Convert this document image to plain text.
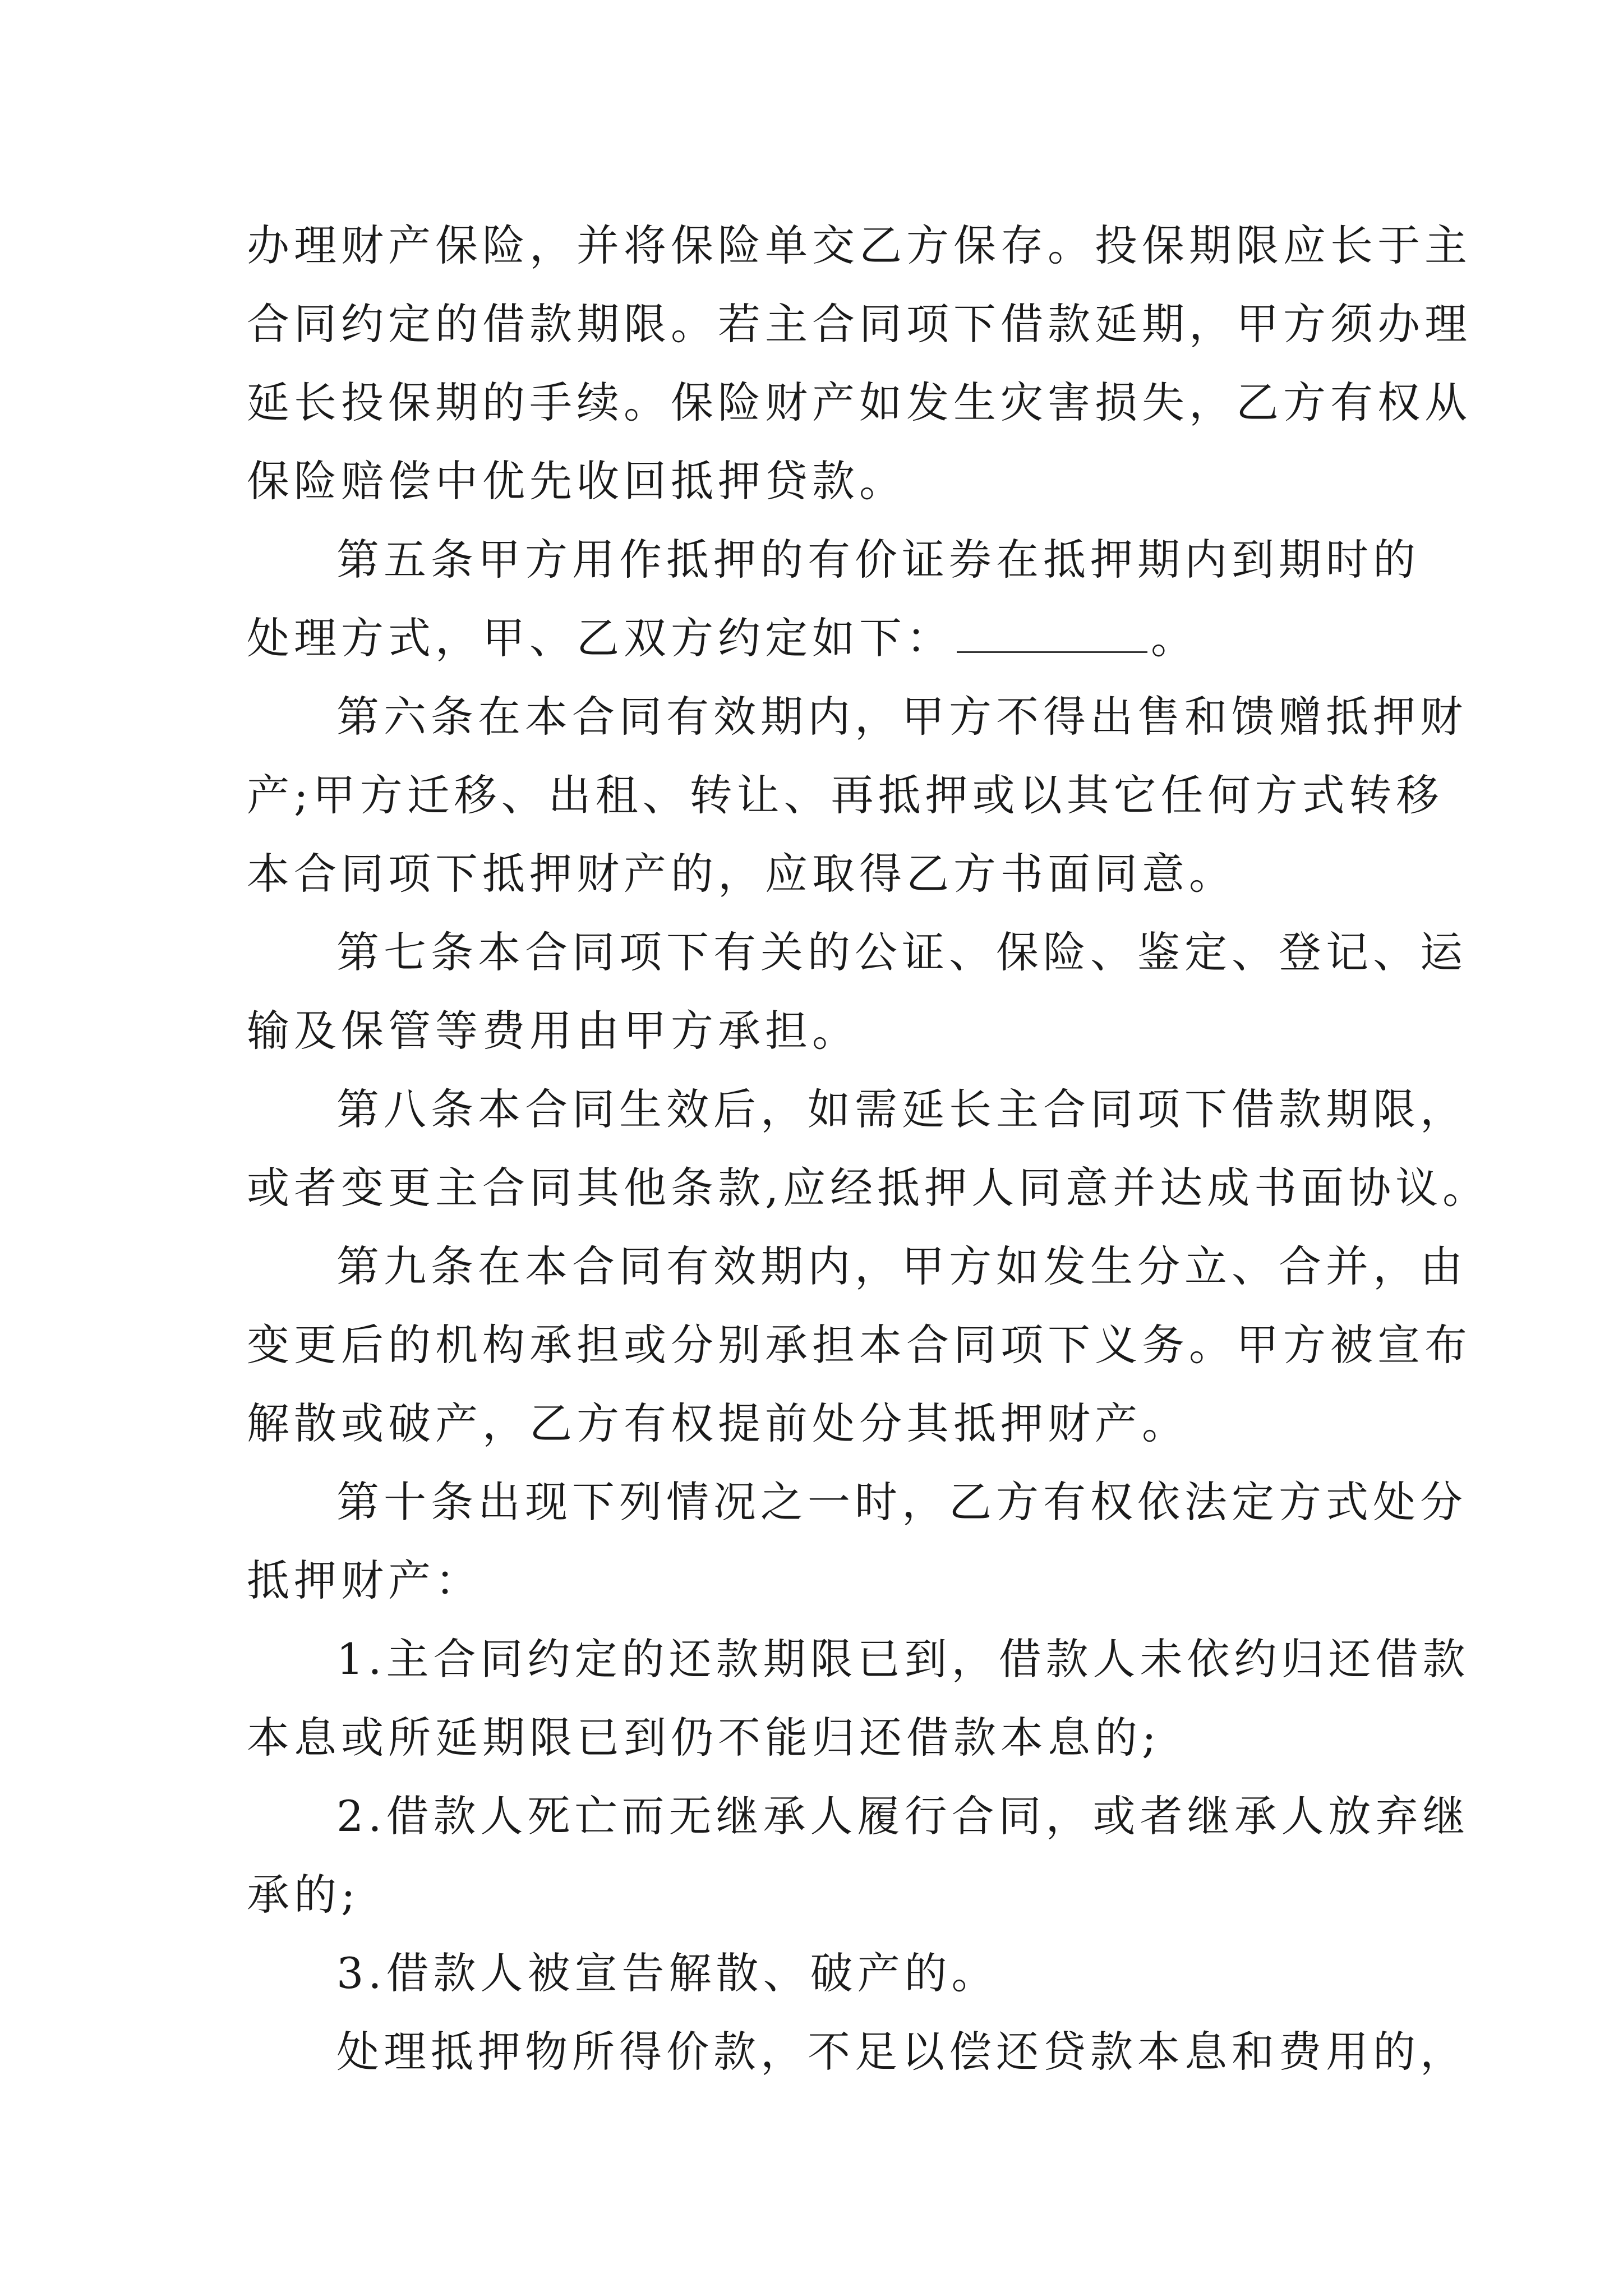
办理财产保险，并将保险单交乙方保存。投保期限应长于主
合同约定的借款期限。若主合同项下借款延期，甲方须办理
延长投保期的手续。保险财产如发生灾害损失，乙方有权从
保险赔偿中优先收回抵押贷款。
第五条甲方用作抵押的有价证券在抵押期内到期时的
处理方式，甲、乙双方约定如下：	。
第六条在本合同有效期内，甲方不得出售和馈赠抵押财
产;甲方迁移、出租、转让、再抵押或以其它任何方式转移
本合同项下抵押财产的，应取得乙方书面同意。
第七条本合同项下有关的公证、保险、鉴定、登记、运
输及保管等费用由甲方承担。
第八条本合同生效后，如需延长主合同项下借款期限，
或者变更主合同其他条款,应经抵押人同意并达成书面协议。
第九条在本合同有效期内，甲方如发生分立、合并，由
变更后的机构承担或分别承担本合同项下义务。甲方被宣布
解散或破产，乙方有权提前处分其抵押财产。
第十条出现下列情况之一时，乙方有权依法定方式处分
抵押财产：
1.主合同约定的还款期限已到，借款人未依约归还借款
本息或所延期限已到仍不能归还借款本息的;
2.借款人死亡而无继承人履行合同，或者继承人放弃继
承的;
3.借款人被宣告解散、破产的。
处理抵押物所得价款，不足以偿还贷款本息和费用的，
